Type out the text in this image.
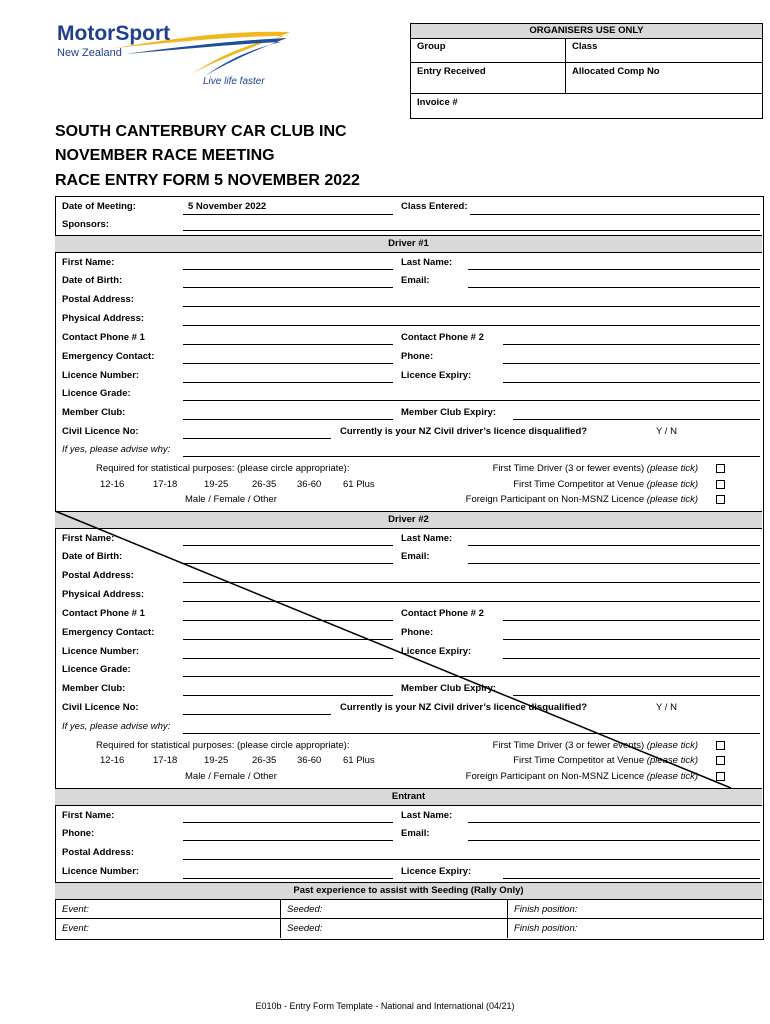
MotorSport
New Zealand
Live life faster
ORGANISERS USE ONLY
Group	Class
Entry Received	Allocated Comp No
Invoice #
SOUTH CANTERBURY CAR CLUB INC
NOVEMBER RACE MEETING
RACE ENTRY FORM 5 NOVEMBER 2022
Date of Meeting:	5 November 2022	Class Entered:
Sponsors:
Driver #1
First Name:	Last Name:
Date of Birth:	Email:
Postal Address:
Physical Address:
Contact Phone # 1	Contact Phone # 2
Emergency Contact:	Phone:
Licence Number:	Licence Expiry:
Licence Grade:
Member Club:	Member Club Expiry:
Civil Licence No:	Currently is your NZ Civil driver’s licence disqualified?	Y / N
If yes, please advise why:
Required for statistical purposes: (please circle appropriate):
12-16	17-18	19-25 26-35 36-60 61 Plus
Male / Female / Other
First Time Driver (3 or fewer events) (please tick)
First Time Competitor at Venue (please tick)
Foreign Participant on Non-MSNZ Licence (please tick)
Driver #2
First Name:	Last Name:
Date of Birth:	Email:
Postal Address:
Physical Address:
Contact Phone # 1	Contact Phone # 2
Emergency Contact:	Phone:
Licence Number:	Licence Expiry:
Licence Grade:
Member Club:	Member Club Expiry:
Civil Licence No:	Currently is your NZ Civil driver’s licence disqualified?	Y / N
If yes, please advise why:
Required for statistical purposes: (please circle appropriate):
12-16	17-18	19-25 26-35 36-60 61 Plus
Male / Female / Other
First Time Driver (3 or fewer events) (please tick)
First Time Competitor at Venue (please tick)
Foreign Participant on Non-MSNZ Licence (please tick)
Entrant
First Name:	Last Name:
Phone:	Email:
Postal Address:
Licence Number:	Licence Expiry:
Past experience to assist with Seeding (Rally Only)
Event:	Seeded:	Finish position:
Event:	Seeded:	Finish position:
E010b - Entry Form Template - National and International (04/21)
